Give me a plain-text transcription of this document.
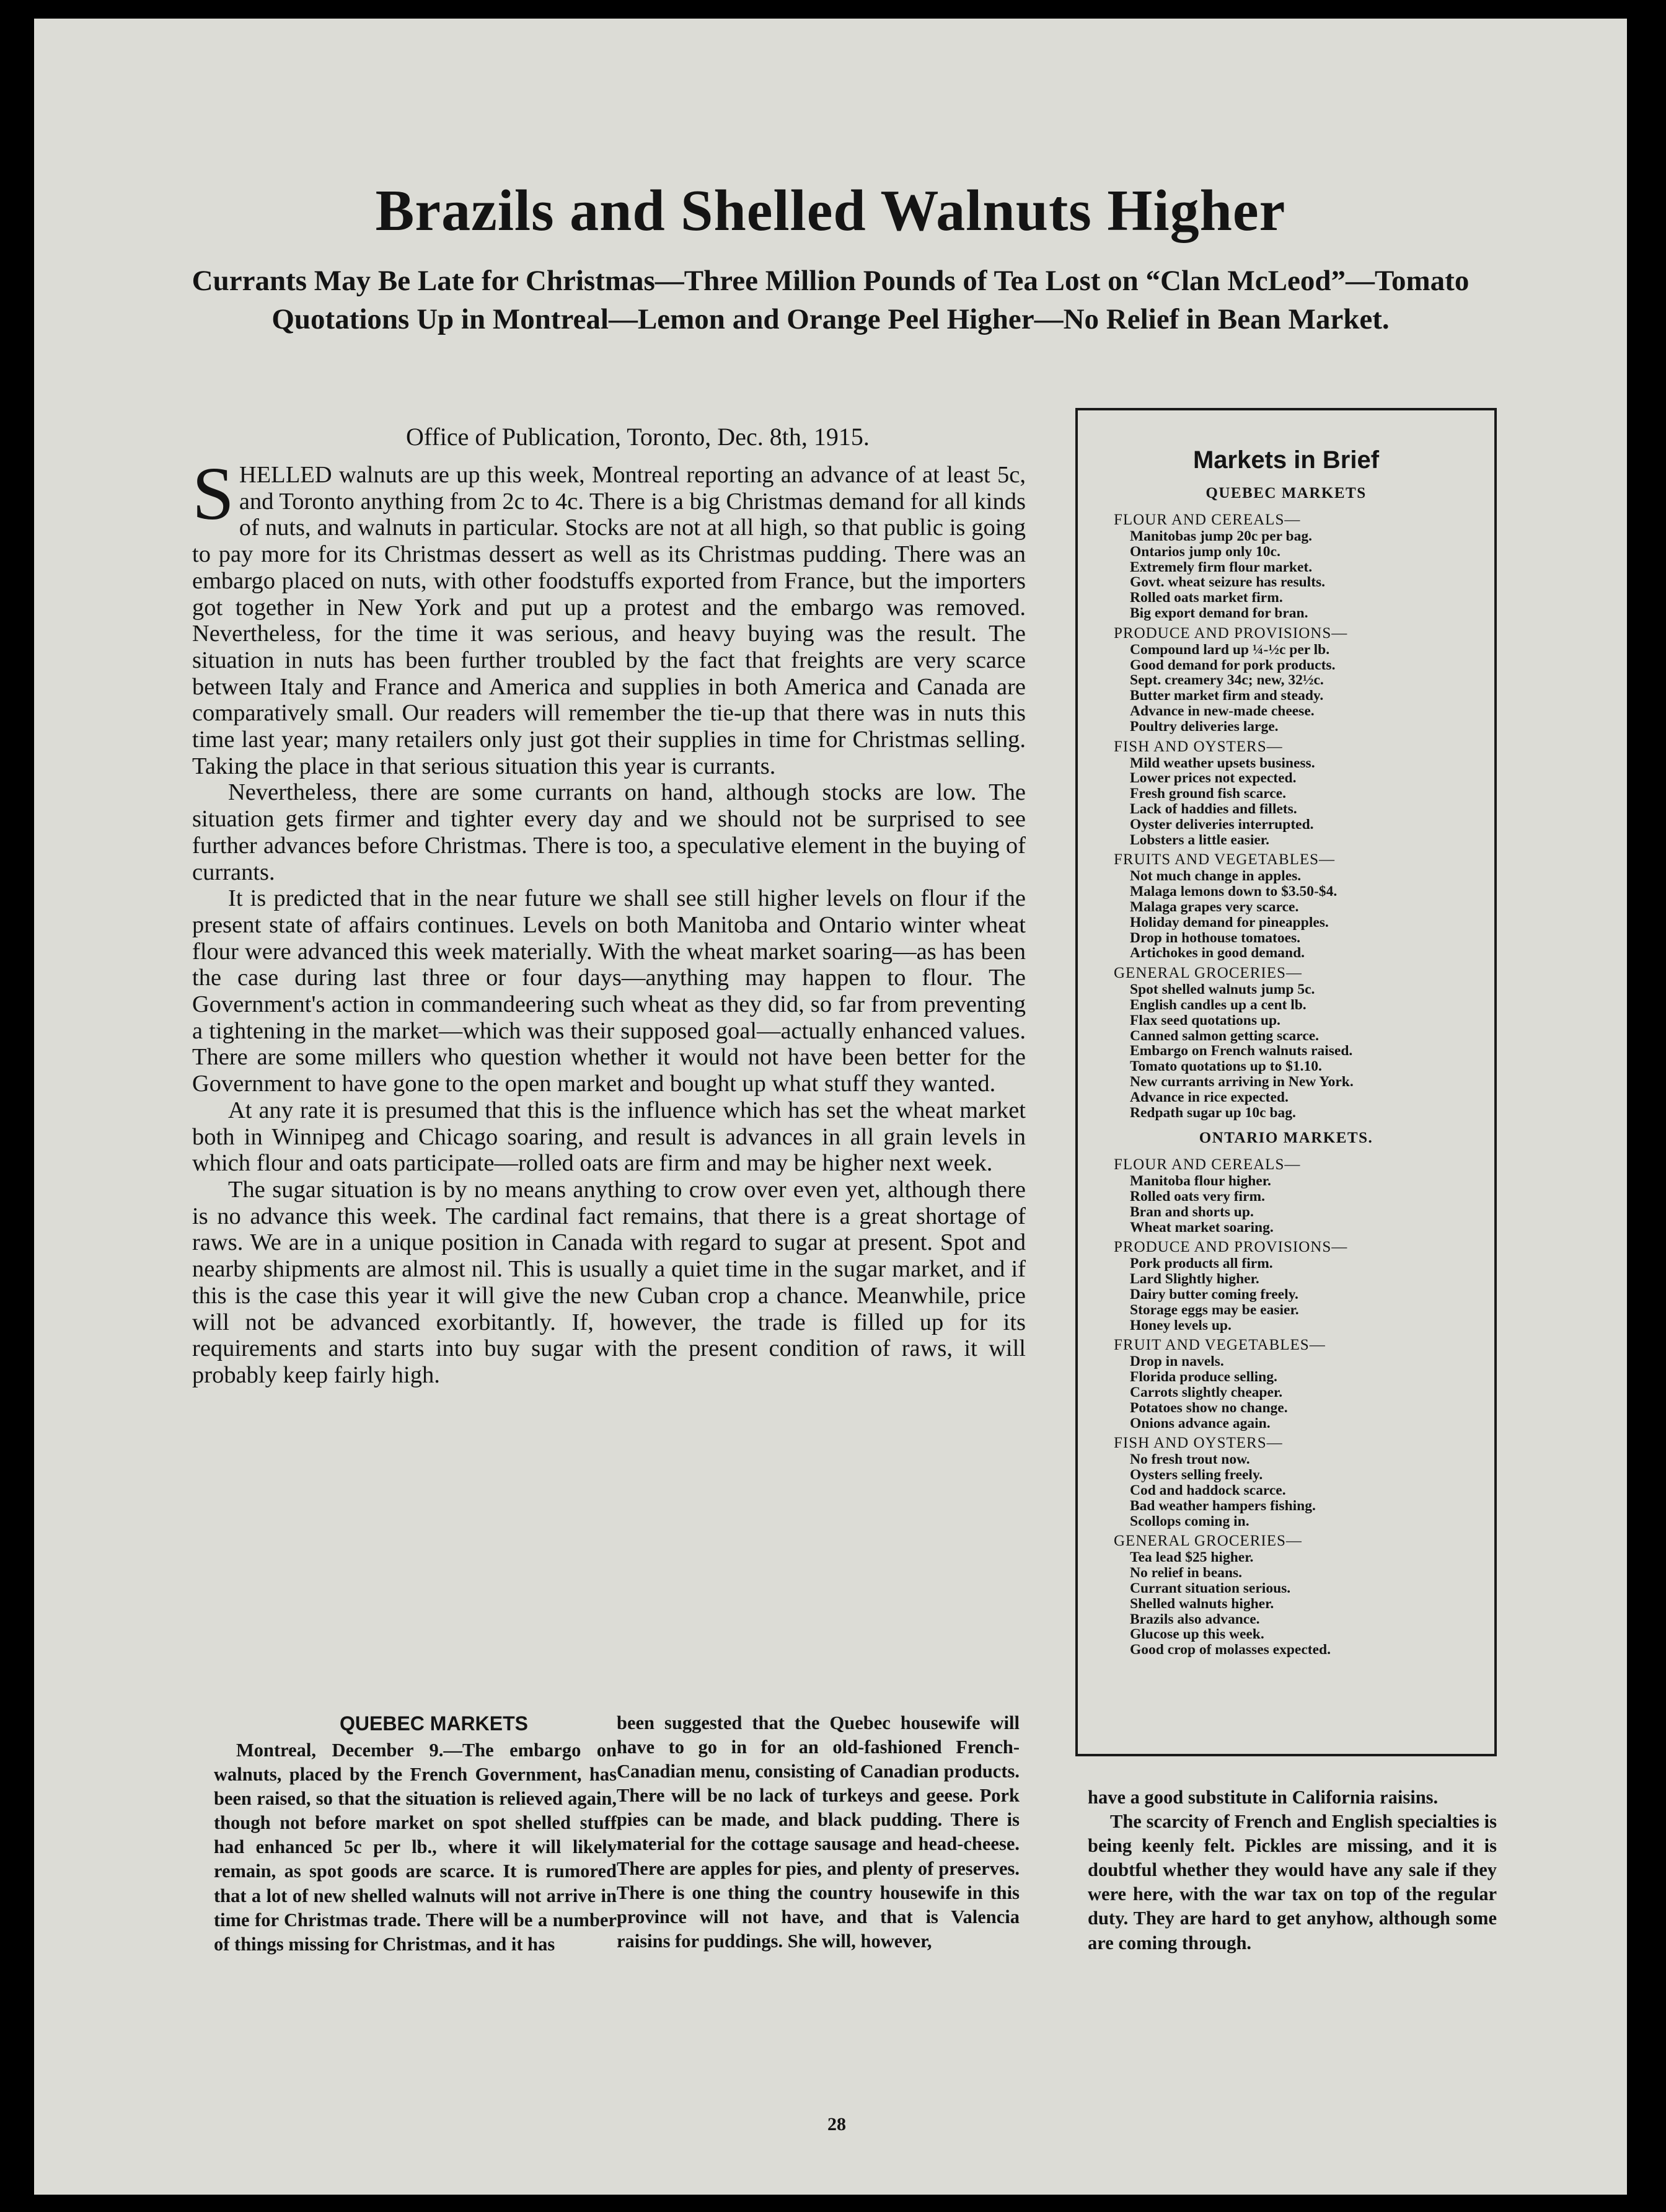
Brazils and Shelled Walnuts Higher
Currants May Be Late for Christmas—Three Million Pounds of Tea Lost on “Clan McLeod”—Tomato Quotations Up in Montreal—Lemon and Orange Peel Higher—No Relief in Bean Market.
Office of Publication, Toronto, Dec. 8th, 1915.

SHELLED walnuts are up this week, Montreal reporting an advance of at least 5c, and Toronto anything from 2c to 4c. There is a big Christmas demand for all kinds of nuts, and walnuts in particular. Stocks are not at all high, so that public is going to pay more for its Christmas dessert as well as its Christmas pudding. There was an embargo placed on nuts, with other foodstuffs exported from France, but the importers got together in New York and put up a protest and the embargo was removed. Nevertheless, for the time it was serious, and heavy buying was the result. The situation in nuts has been further troubled by the fact that freights are very scarce between Italy and France and America and supplies in both America and Canada are comparatively small. Our readers will remember the tie-up that there was in nuts this time last year; many retailers only just got their supplies in time for Christmas selling. Taking the place in that serious situation this year is currants.

Nevertheless, there are some currants on hand, although stocks are low. The situation gets firmer and tighter every day and we should not be surprised to see further advances before Christmas. There is too, a speculative element in the buying of currants.

It is predicted that in the near future we shall see still higher levels on flour if the present state of affairs continues. Levels on both Manitoba and Ontario winter wheat flour were advanced this week materially. With the wheat market soaring—as has been the case during last three or four days—anything may happen to flour. The Government's action in commandeering such wheat as they did, so far from preventing a tightening in the market—which was their supposed goal—actually enhanced values. There are some millers who question whether it would not have been better for the Government to have gone to the open market and bought up what stuff they wanted.

At any rate it is presumed that this is the influence which has set the wheat market both in Winnipeg and Chicago soaring, and result is advances in all grain levels in which flour and oats participate—rolled oats are firm and may be higher next week.

The sugar situation is by no means anything to crow over even yet, although there is no advance this week. The cardinal fact remains, that there is a great shortage of raws. We are in a unique position in Canada with regard to sugar at present. Spot and nearby shipments are almost nil. This is usually a quiet time in the sugar market, and if this is the case this year it will give the new Cuban crop a chance. Meanwhile, price will not be advanced exorbitantly. If, however, the trade is filled up for its requirements and starts into buy sugar with the present condition of raws, it will probably keep fairly high.

Markets in Brief
QUEBEC MARKETS
FLOUR AND CEREALS—
Manitobas jump 20c per bag.
Ontarios jump only 10c.
Extremely firm flour market.
Govt. wheat seizure has results.
Rolled oats market firm.
Big export demand for bran.
PRODUCE AND PROVISIONS—
Compound lard up ¼-½c per lb.
Good demand for pork products.
Sept. creamery 34c; new, 32½c.
Butter market firm and steady.
Advance in new-made cheese.
Poultry deliveries large.
FISH AND OYSTERS—
Mild weather upsets business.
Lower prices not expected.
Fresh ground fish scarce.
Lack of haddies and fillets.
Oyster deliveries interrupted.
Lobsters a little easier.
FRUITS AND VEGETABLES—
Not much change in apples.
Malaga lemons down to $3.50-$4.
Malaga grapes very scarce.
Holiday demand for pineapples.
Drop in hothouse tomatoes.
Artichokes in good demand.
GENERAL GROCERIES—
Spot shelled walnuts jump 5c.
English candles up a cent lb.
Flax seed quotations up.
Canned salmon getting scarce.
Embargo on French walnuts raised.
Tomato quotations up to $1.10.
New currants arriving in New York.
Advance in rice expected.
Redpath sugar up 10c bag.
ONTARIO MARKETS.
FLOUR AND CEREALS—
Manitoba flour higher.
Rolled oats very firm.
Bran and shorts up.
Wheat market soaring.
PRODUCE AND PROVISIONS—
Pork products all firm.
Lard Slightly higher.
Dairy butter coming freely.
Storage eggs may be easier.
Honey levels up.
FRUIT AND VEGETABLES—
Drop in navels.
Florida produce selling.
Carrots slightly cheaper.
Potatoes show no change.
Onions advance again.
FISH AND OYSTERS—
No fresh trout now.
Oysters selling freely.
Cod and haddock scarce.
Bad weather hampers fishing.
Scollops coming in.
GENERAL GROCERIES—
Tea lead $25 higher.
No relief in beans.
Currant situation serious.
Shelled walnuts higher.
Brazils also advance.
Glucose up this week.
Good crop of molasses expected.
QUEBEC MARKETS

Montreal, December 9.—The embargo on walnuts, placed by the French Government, has been raised, so that the situation is relieved again, though not before market on spot shelled stuff had enhanced 5c per lb., where it will likely remain, as spot goods are scarce. It is rumored that a lot of new shelled walnuts will not arrive in time for Christmas trade. There will be a number of things missing for Christmas, and it has

been suggested that the Quebec housewife will have to go in for an old-fashioned French-Canadian menu, consisting of Canadian products. There will be no lack of turkeys and geese. Pork pies can be made, and black pudding. There is material for the cottage sausage and head-cheese. There are apples for pies, and plenty of preserves. There is one thing the country housewife in this province will not have, and that is Valencia raisins for puddings. She will, however,

have a good substitute in California raisins.

The scarcity of French and English specialties is being keenly felt. Pickles are missing, and it is doubtful whether they would have any sale if they were here, with the war tax on top of the regular duty. They are hard to get anyhow, although some are coming through.

28
